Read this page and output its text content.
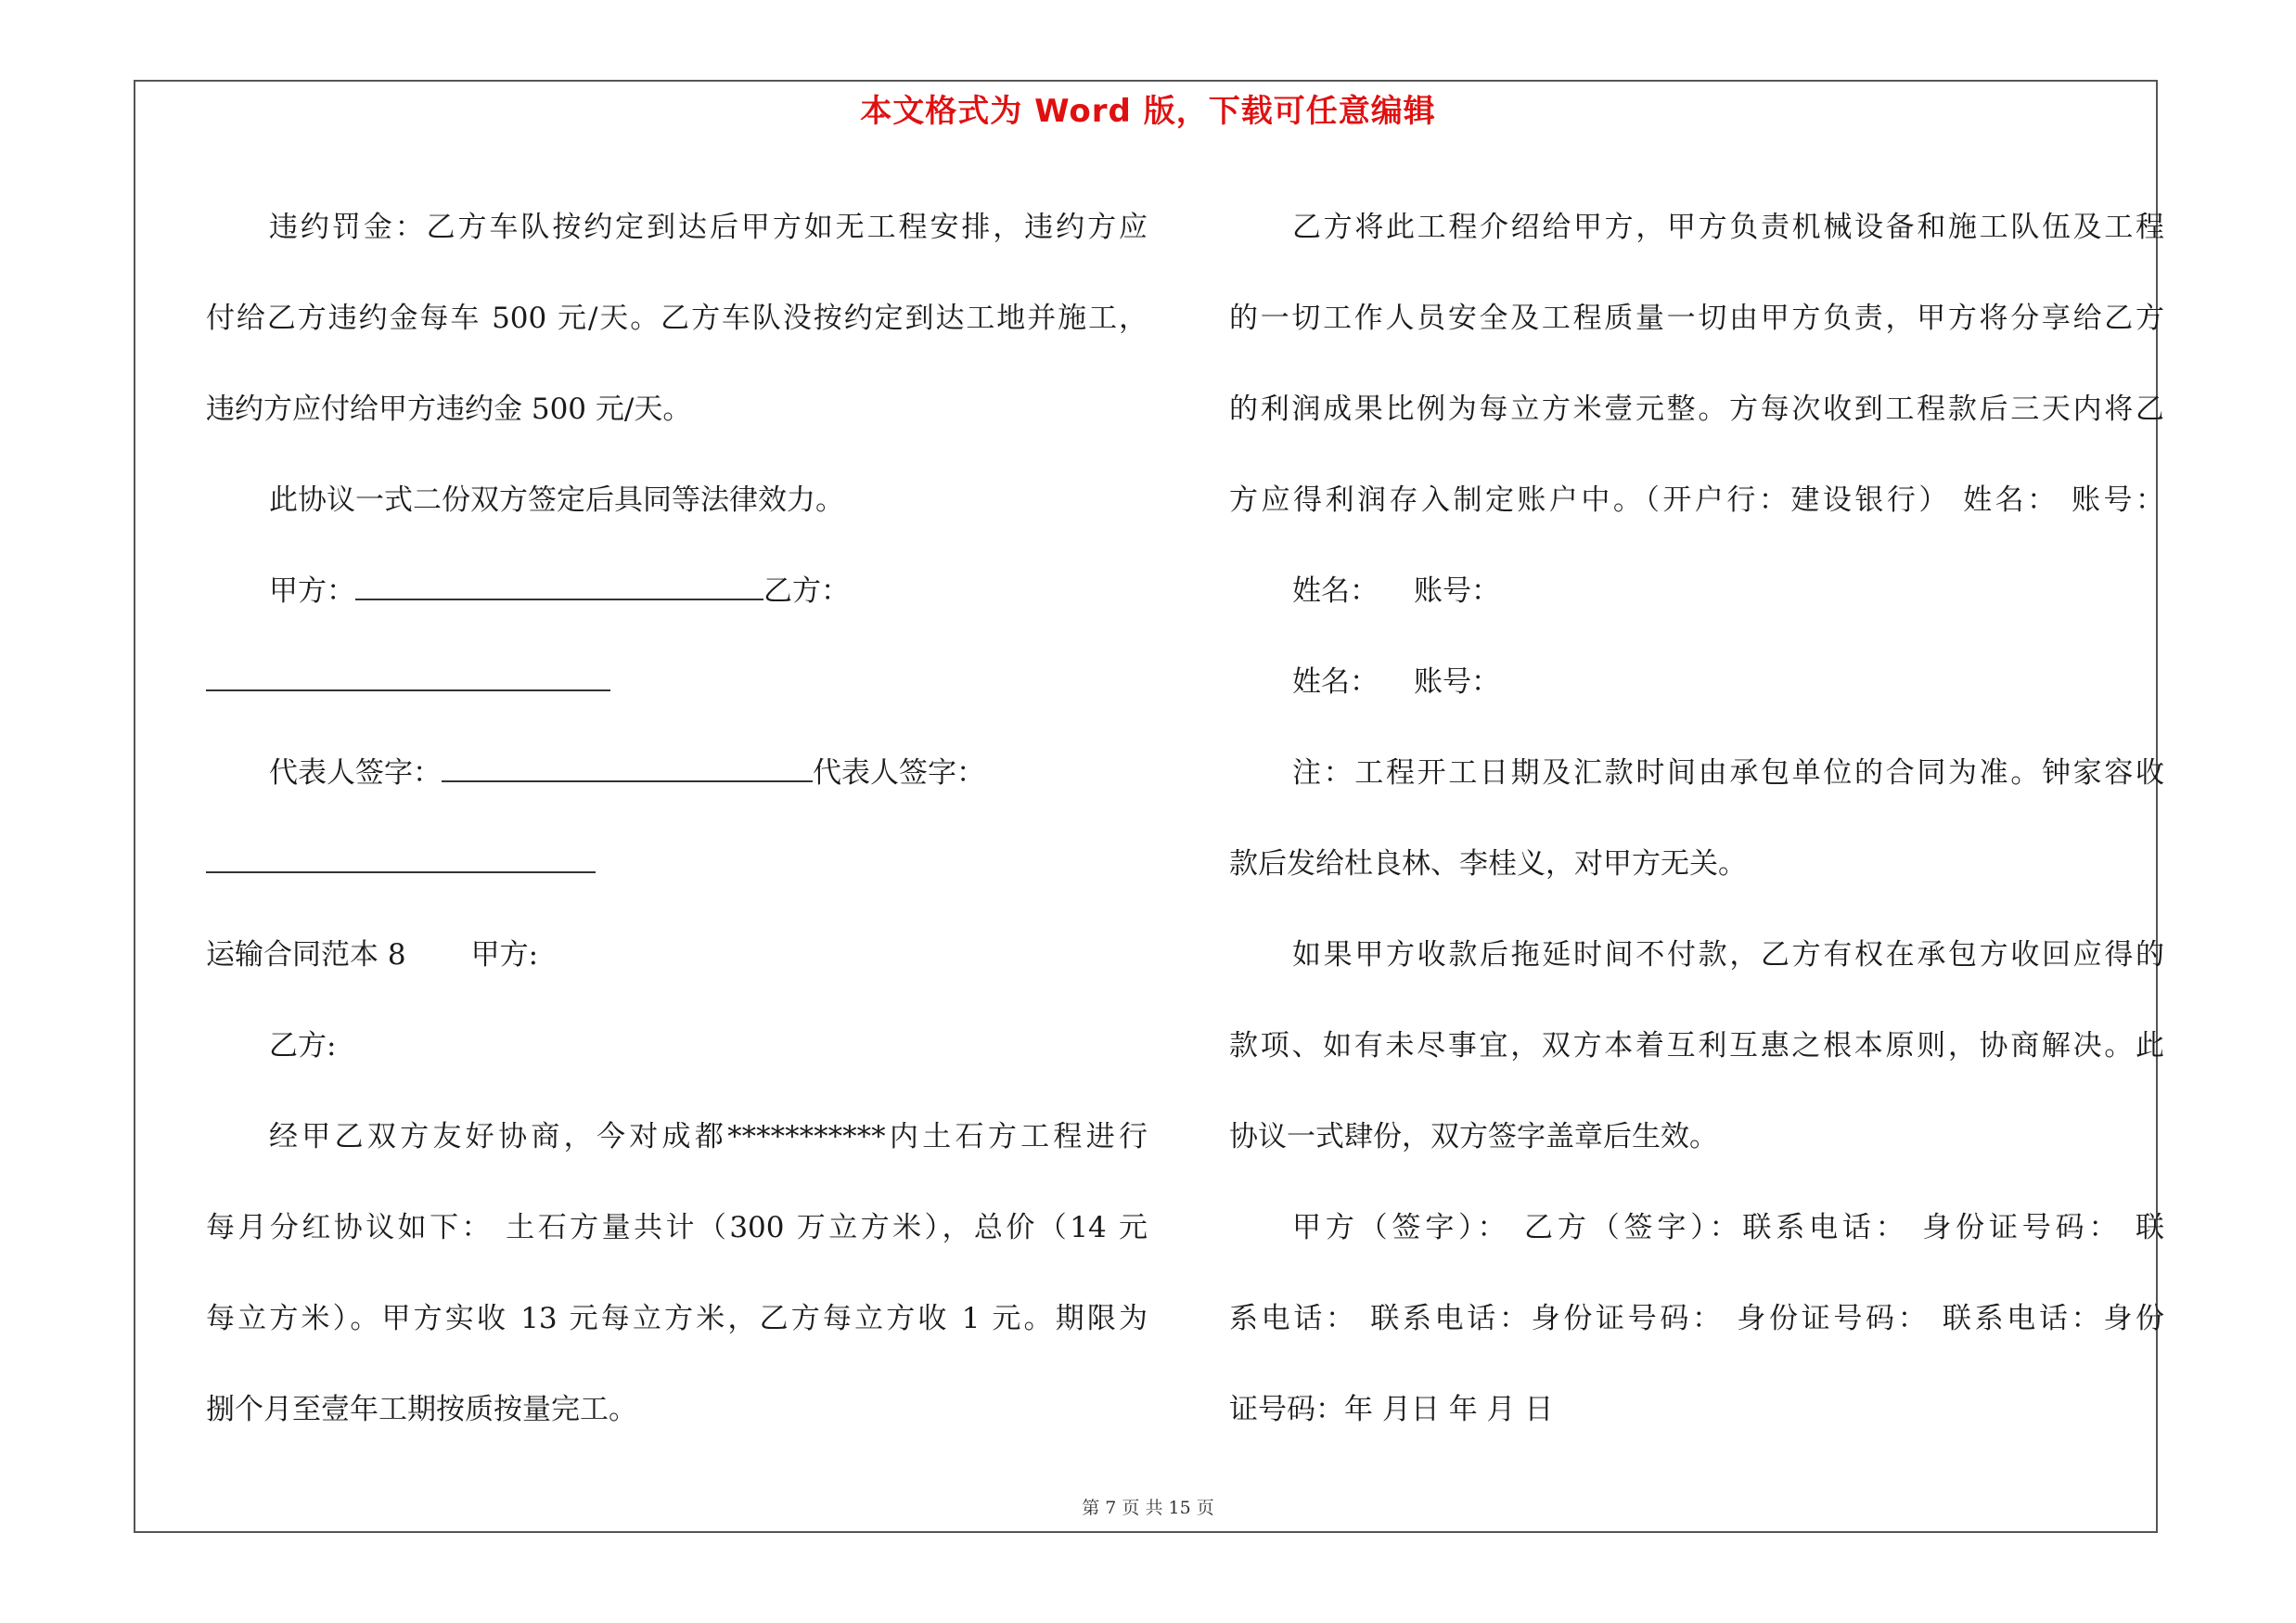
本文格式为 Word 版，下载可任意编辑
违约罚金：乙方车队按约定到达后甲方如无工程安排，违约方应
付给乙方违约金每车 500 元/天。乙方车队没按约定到达工地并施工，
违约方应付给甲方违约金 500 元/天。
此协议一式二份双方签定后具同等法律效力。
甲方：	乙方：
代表人签字：	代表人签字：
运输合同范本 8 甲方:
乙方:
经甲乙双方友好协商，今对成都***********内土石方工程进行
每月分红协议如下： 土石方量共计（300 万立方米），总价（14 元
每立方米）。甲方实收 13 元每立方米，乙方每立方收 1 元。期限为
捌个月至壹年工期按质按量完工。
乙方将此工程介绍给甲方，甲方负责机械设备和施工队伍及工程
的一切工作人员安全及工程质量一切由甲方负责，甲方将分享给乙方
的利润成果比例为每立方米壹元整。方每次收到工程款后三天内将乙
方应得利润存入制定账户中。（开户行：建设银行） 姓名： 账号：
姓名： 账号：
姓名： 账号：
注：工程开工日期及汇款时间由承包单位的合同为准。钟家容收
款后发给杜良林、李桂义，对甲方无关。
如果甲方收款后拖延时间不付款，乙方有权在承包方收回应得的
款项、如有未尽事宜，双方本着互利互惠之根本原则，协商解决。此
协议一式肆份，双方签字盖章后生效。
甲方（签字）： 乙方（签字）：联系电话： 身份证号码： 联
系电话： 联系电话：身份证号码： 身份证号码： 联系电话：身份
证号码：年 月日 年 月 日
第 7 页 共 15 页
